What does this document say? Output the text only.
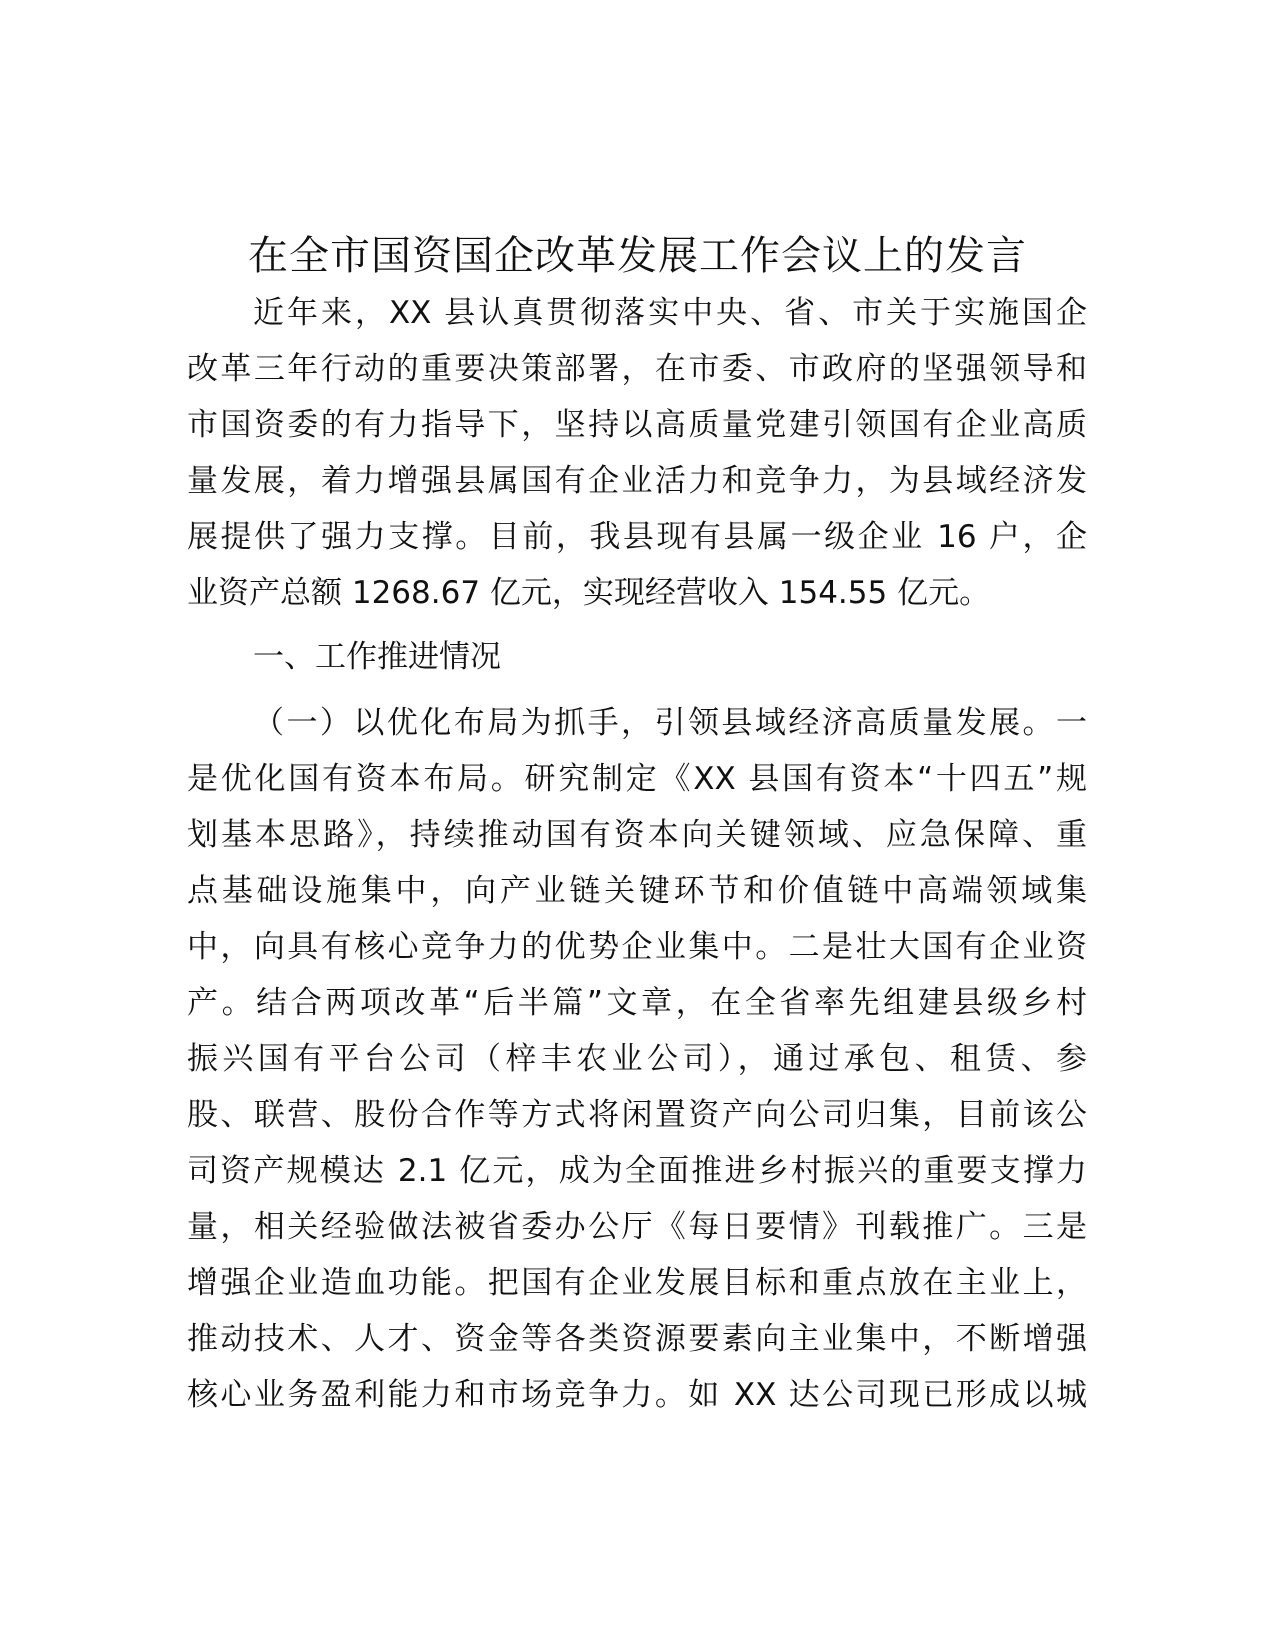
在全市国资国企改革发展工作会议上的发言

近年来，XX 县认真贯彻落实中央、省、市关于实施国企

改革三年行动的重要决策部署，在市委、市政府的坚强领导和

市国资委的有力指导下，坚持以高质量党建引领国有企业高质

量发展，着力增强县属国有企业活力和竞争力，为县域经济发

展提供了强力支撑。目前，我县现有县属一级企业 16 户，企

业资产总额 1268.67 亿元，实现经营收入 154.55 亿元。

一、工作推进情况

（一）以优化布局为抓手，引领县域经济高质量发展。一

是优化国有资本布局。研究制定《XX 县国有资本“十四五”规

划基本思路》，持续推动国有资本向关键领域、应急保障、重

点基础设施集中，向产业链关键环节和价值链中高端领域集

中，向具有核心竞争力的优势企业集中。二是壮大国有企业资

产。结合两项改革“后半篇”文章，在全省率先组建县级乡村

振兴国有平台公司（梓丰农业公司），通过承包、租赁、参

股、联营、股份合作等方式将闲置资产向公司归集，目前该公

司资产规模达 2.1 亿元，成为全面推进乡村振兴的重要支撑力

量，相关经验做法被省委办公厅《每日要情》刊载推广。三是

增强企业造血功能。把国有企业发展目标和重点放在主业上，

推动技术、人才、资金等各类资源要素向主业集中，不断增强

核心业务盈利能力和市场竞争力。如 XX 达公司现已形成以城
